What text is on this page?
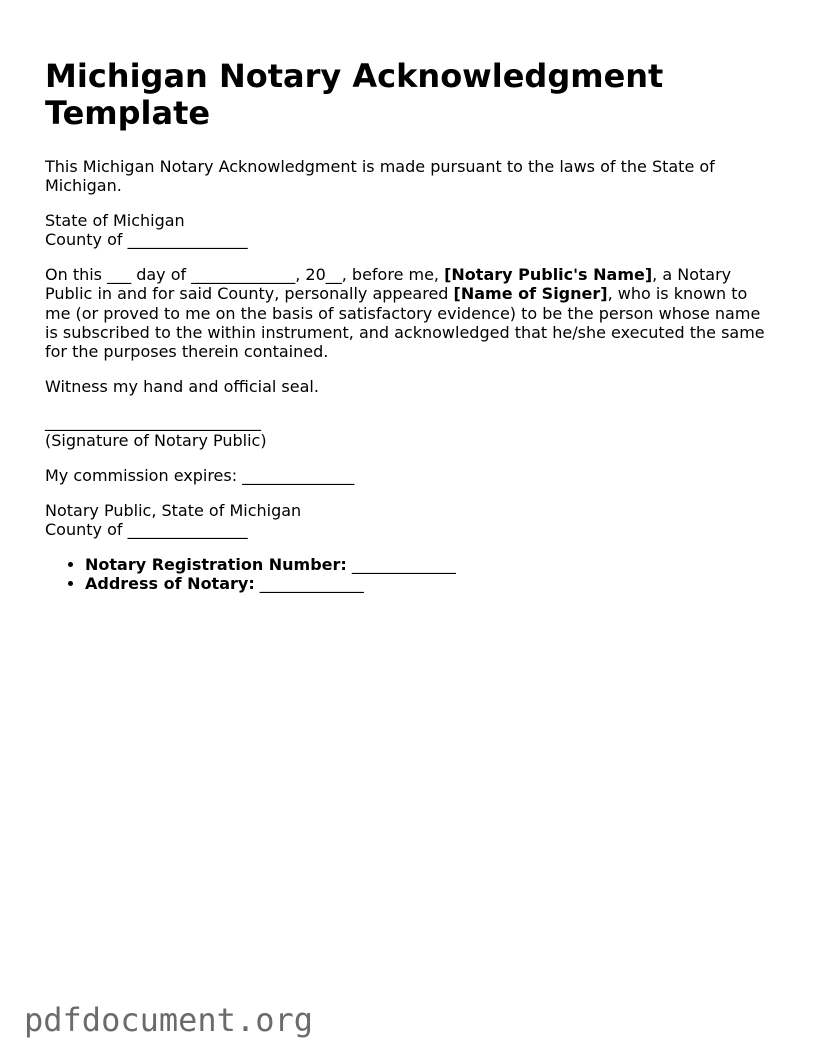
Michigan Notary Acknowledgment Template

This Michigan Notary Acknowledgment is made pursuant to the laws of the State of Michigan.

State of Michigan
County of _______________

On this ___ day of _____________, 20__, before me, [Notary Public's Name], a Notary Public in and for said County, personally appeared [Name of Signer], who is known to me (or proved to me on the basis of satisfactory evidence) to be the person whose name is subscribed to the within instrument, and acknowledged that he/she executed the same for the purposes therein contained.

Witness my hand and official seal.

___________________________
(Signature of Notary Public)

My commission expires: ______________

Notary Public, State of Michigan
County of _______________

• Notary Registration Number: _____________
• Address of Notary: _____________
pdfdocument.org
